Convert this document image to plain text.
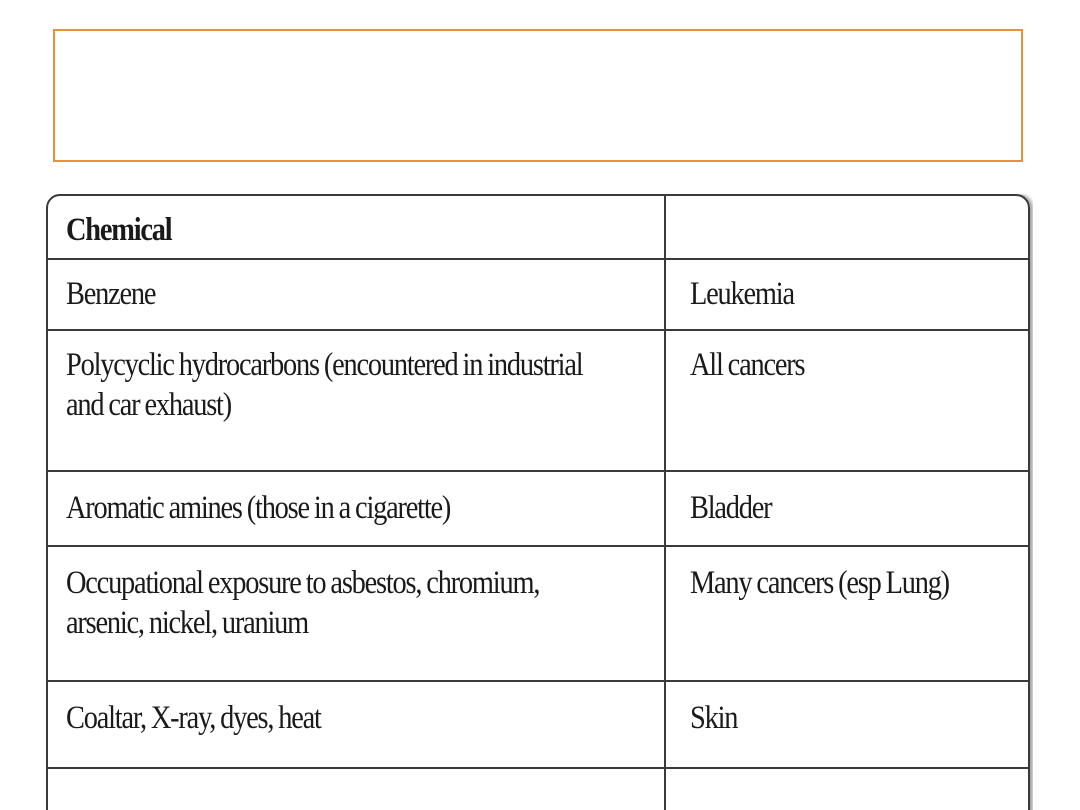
Chemical	
Benzene	Leukemia
Polycyclic hydrocarbons (encountered in industrial
and car exhaust)	All cancers
Aromatic amines (those in a cigarette)	Bladder
Occupational exposure to asbestos, chromium,
arsenic, nickel, uranium	Many cancers (esp Lung)
Coaltar, X-ray, dyes, heat	Skin
